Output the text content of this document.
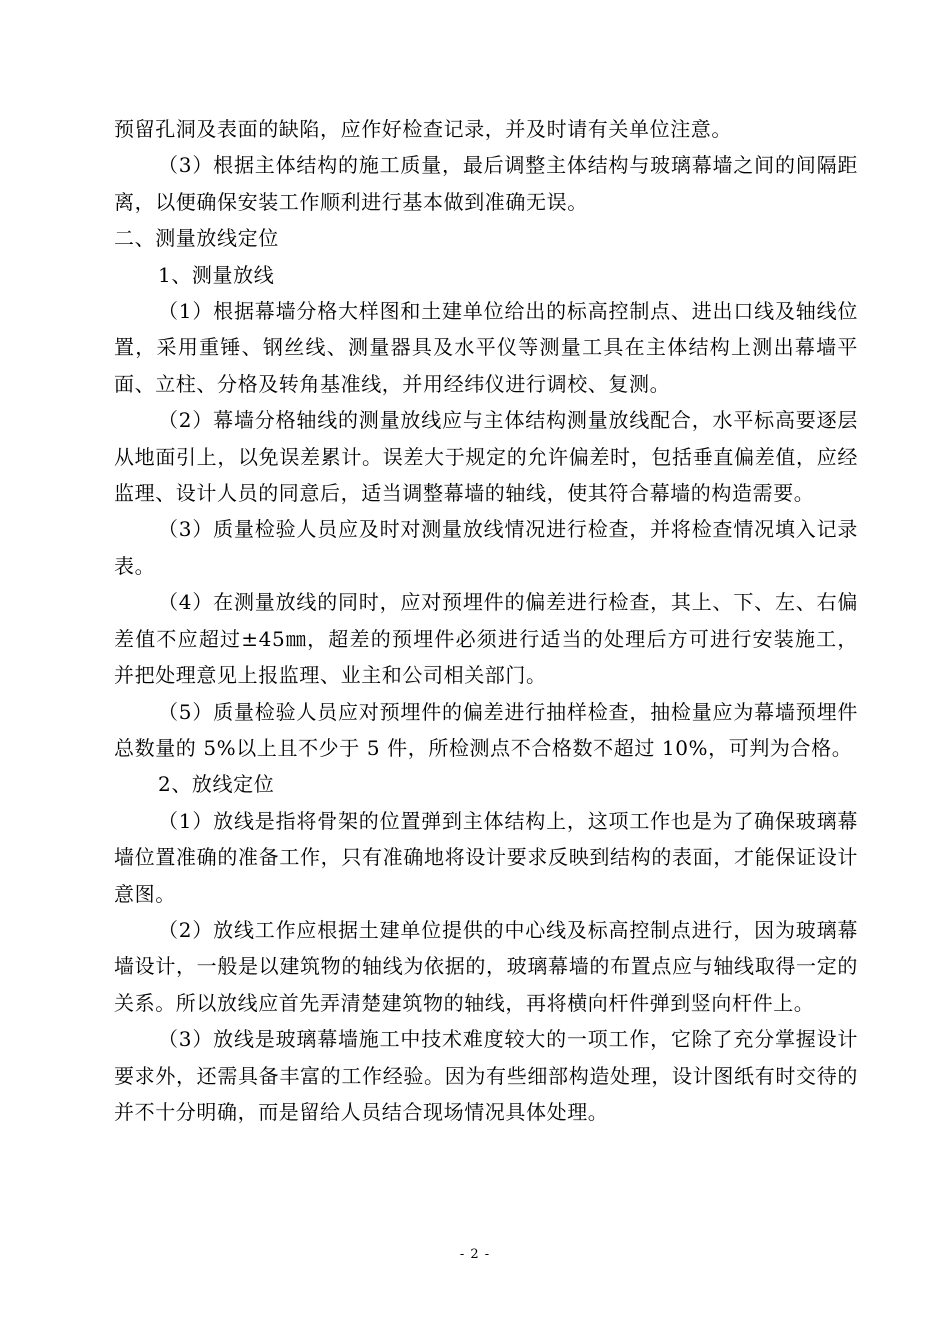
预留孔洞及表面的缺陷，应作好检查记录，并及时请有关单位注意。

（3）根据主体结构的施工质量，最后调整主体结构与玻璃幕墙之间的间隔距离，以便确保安装工作顺利进行基本做到准确无误。

二、测量放线定位

1、测量放线

（1）根据幕墙分格大样图和土建单位给出的标高控制点、进出口线及轴线位置，采用重锤、钢丝线、测量器具及水平仪等测量工具在主体结构上测出幕墙平面、立柱、分格及转角基准线，并用经纬仪进行调校、复测。

（2）幕墙分格轴线的测量放线应与主体结构测量放线配合，水平标高要逐层从地面引上，以免误差累计。误差大于规定的允许偏差时，包括垂直偏差值，应经监理、设计人员的同意后，适当调整幕墙的轴线，使其符合幕墙的构造需要。

（3）质量检验人员应及时对测量放线情况进行检查，并将检查情况填入记录表。

（4）在测量放线的同时，应对预埋件的偏差进行检查，其上、下、左、右偏差值不应超过±45㎜，超差的预埋件必须进行适当的处理后方可进行安装施工，并把处理意见上报监理、业主和公司相关部门。

（5）质量检验人员应对预埋件的偏差进行抽样检查，抽检量应为幕墙预埋件总数量的 5%以上且不少于 5 件，所检测点不合格数不超过 10%，可判为合格。

2、放线定位

（1）放线是指将骨架的位置弹到主体结构上，这项工作也是为了确保玻璃幕墙位置准确的准备工作，只有准确地将设计要求反映到结构的表面，才能保证设计意图。

（2）放线工作应根据土建单位提供的中心线及标高控制点进行，因为玻璃幕墙设计，一般是以建筑物的轴线为依据的，玻璃幕墙的布置点应与轴线取得一定的关系。所以放线应首先弄清楚建筑物的轴线，再将横向杆件弹到竖向杆件上。

（3）放线是玻璃幕墙施工中技术难度较大的一项工作，它除了充分掌握设计要求外，还需具备丰富的工作经验。因为有些细部构造处理，设计图纸有时交待的并不十分明确，而是留给人员结合现场情况具体处理。

- 2 -
